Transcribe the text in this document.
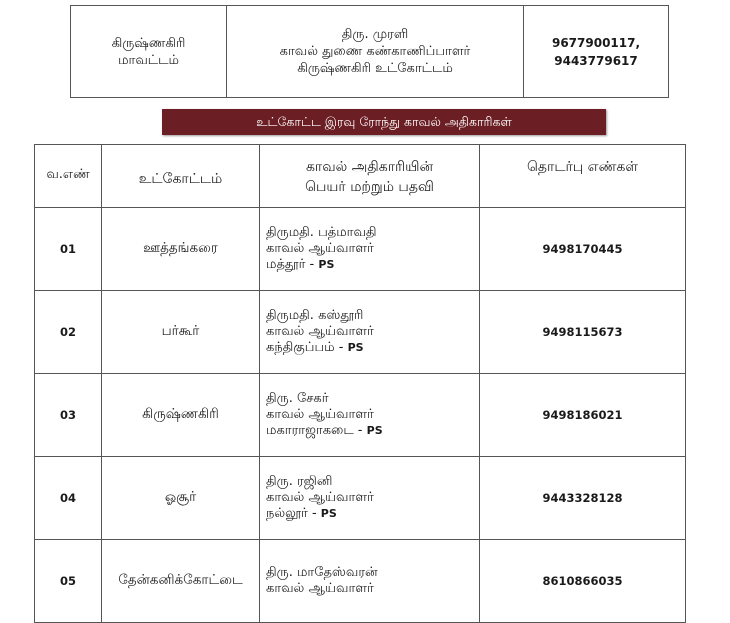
கிருஷ்ணகிரி
மாவட்டம்

திரு. முரளி
காவல் துணை கண்காணிப்பாளர்
கிருஷ்ணகிரி உட்கோட்டம்

9677900117,
9443779617
உட்கோட்ட இரவு ரோந்து காவல் அதிகாரிகள்
வ.எண்	உட்கோட்டம்	காவல் அதிகாரியின்
பெயர் மற்றும் பதவி	தொடர்பு எண்கள்
01	ஊத்தங்கரை	திருமதி. பத்மாவதி
காவல் ஆய்வாளர்
மத்தூர் - PS	9498170445
02	பர்கூர்	திருமதி. கஸ்தூரி
காவல் ஆய்வாளர்
கந்திகுப்பம் - PS	9498115673
03	கிருஷ்ணகிரி	திரு. சேகர்
காவல் ஆய்வாளர்
மகாராஜாகடை - PS	9498186021
04	ஓசூர்	திரு. ரஜினி
காவல் ஆய்வாளர்
நல்லூர் - PS	9443328128
05	தேன்கனிக்கோட்டை	திரு. மாதேஸ்வரன்
காவல் ஆய்வாளர்	8610866035
